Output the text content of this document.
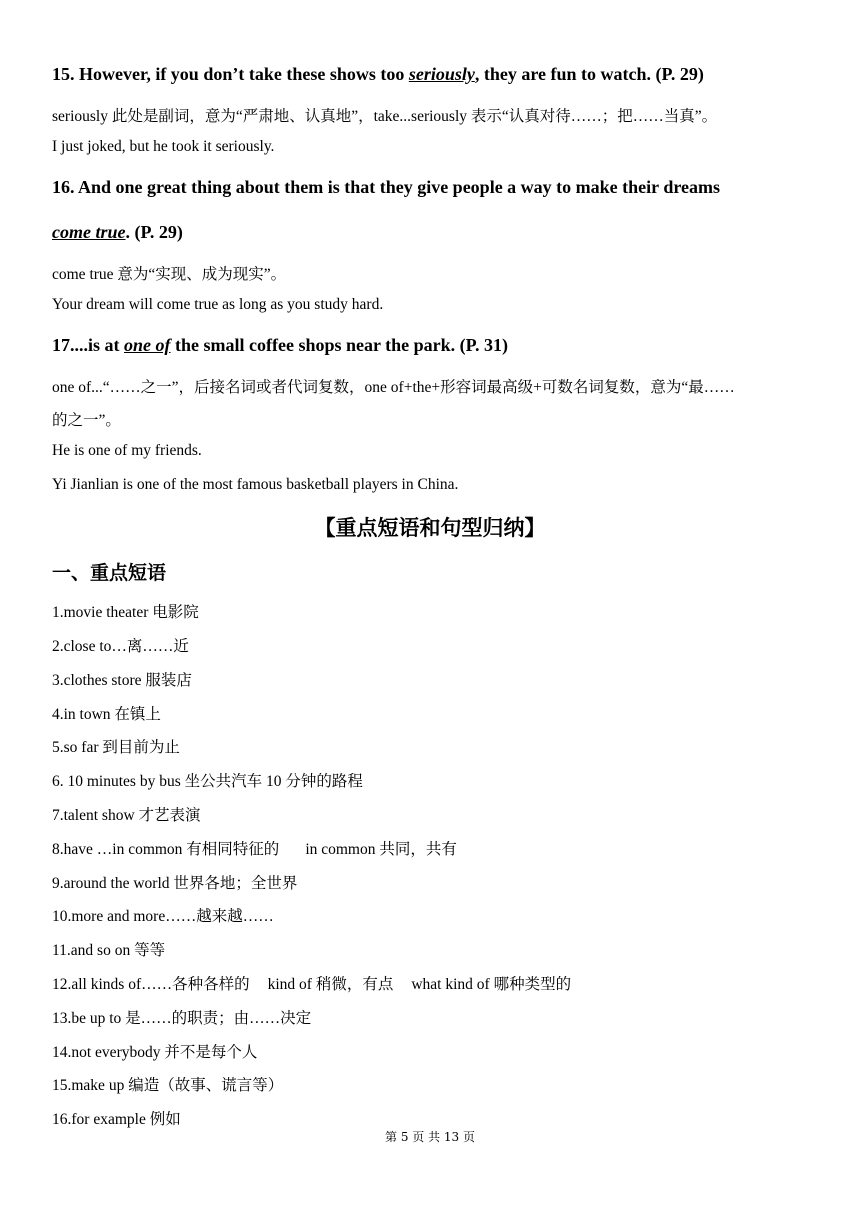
15. However, if you don’t take these shows too seriously, they are fun to watch. (P. 29)
seriously 此处是副词，意为“严肃地、认真地”，take...seriously 表示“认真对待……；把……当真”。
I just joked, but he took it seriously.
16. And one great thing about them is that they give people a way to make their dreams
come true. (P. 29)
come true 意为“实现、成为现实”。
Your dream will come true as long as you study hard.
17....is at one of the small coffee shops near the park. (P. 31)
one of...“……之一”，后接名词或者代词复数，one of+the+形容词最高级+可数名词复数，意为“最……
的之一”。
He is one of my friends.
Yi Jianlian is one of the most famous basketball players in China.
【重点短语和句型归纳】
一、重点短语
1.movie theater 电影院
2.close to…离……近
3.clothes store 服装店
4.in town 在镇上
5.so far 到目前为止
6. 10 minutes by bus 坐公共汽车 10 分钟的路程
7.talent show 才艺表演
8.have …in common 有相同特征的 in common 共同，共有
9.around the world 世界各地；全世界
10.more and more……越来越……
11.and so on 等等
12.all kinds of……各种各样的 kind of 稍微，有点 what kind of 哪种类型的
13.be up to 是……的职责；由……决定
14.not everybody 并不是每个人
15.make up 编造（故事、谎言等）
16.for example 例如
第 5 页 共 13 页
